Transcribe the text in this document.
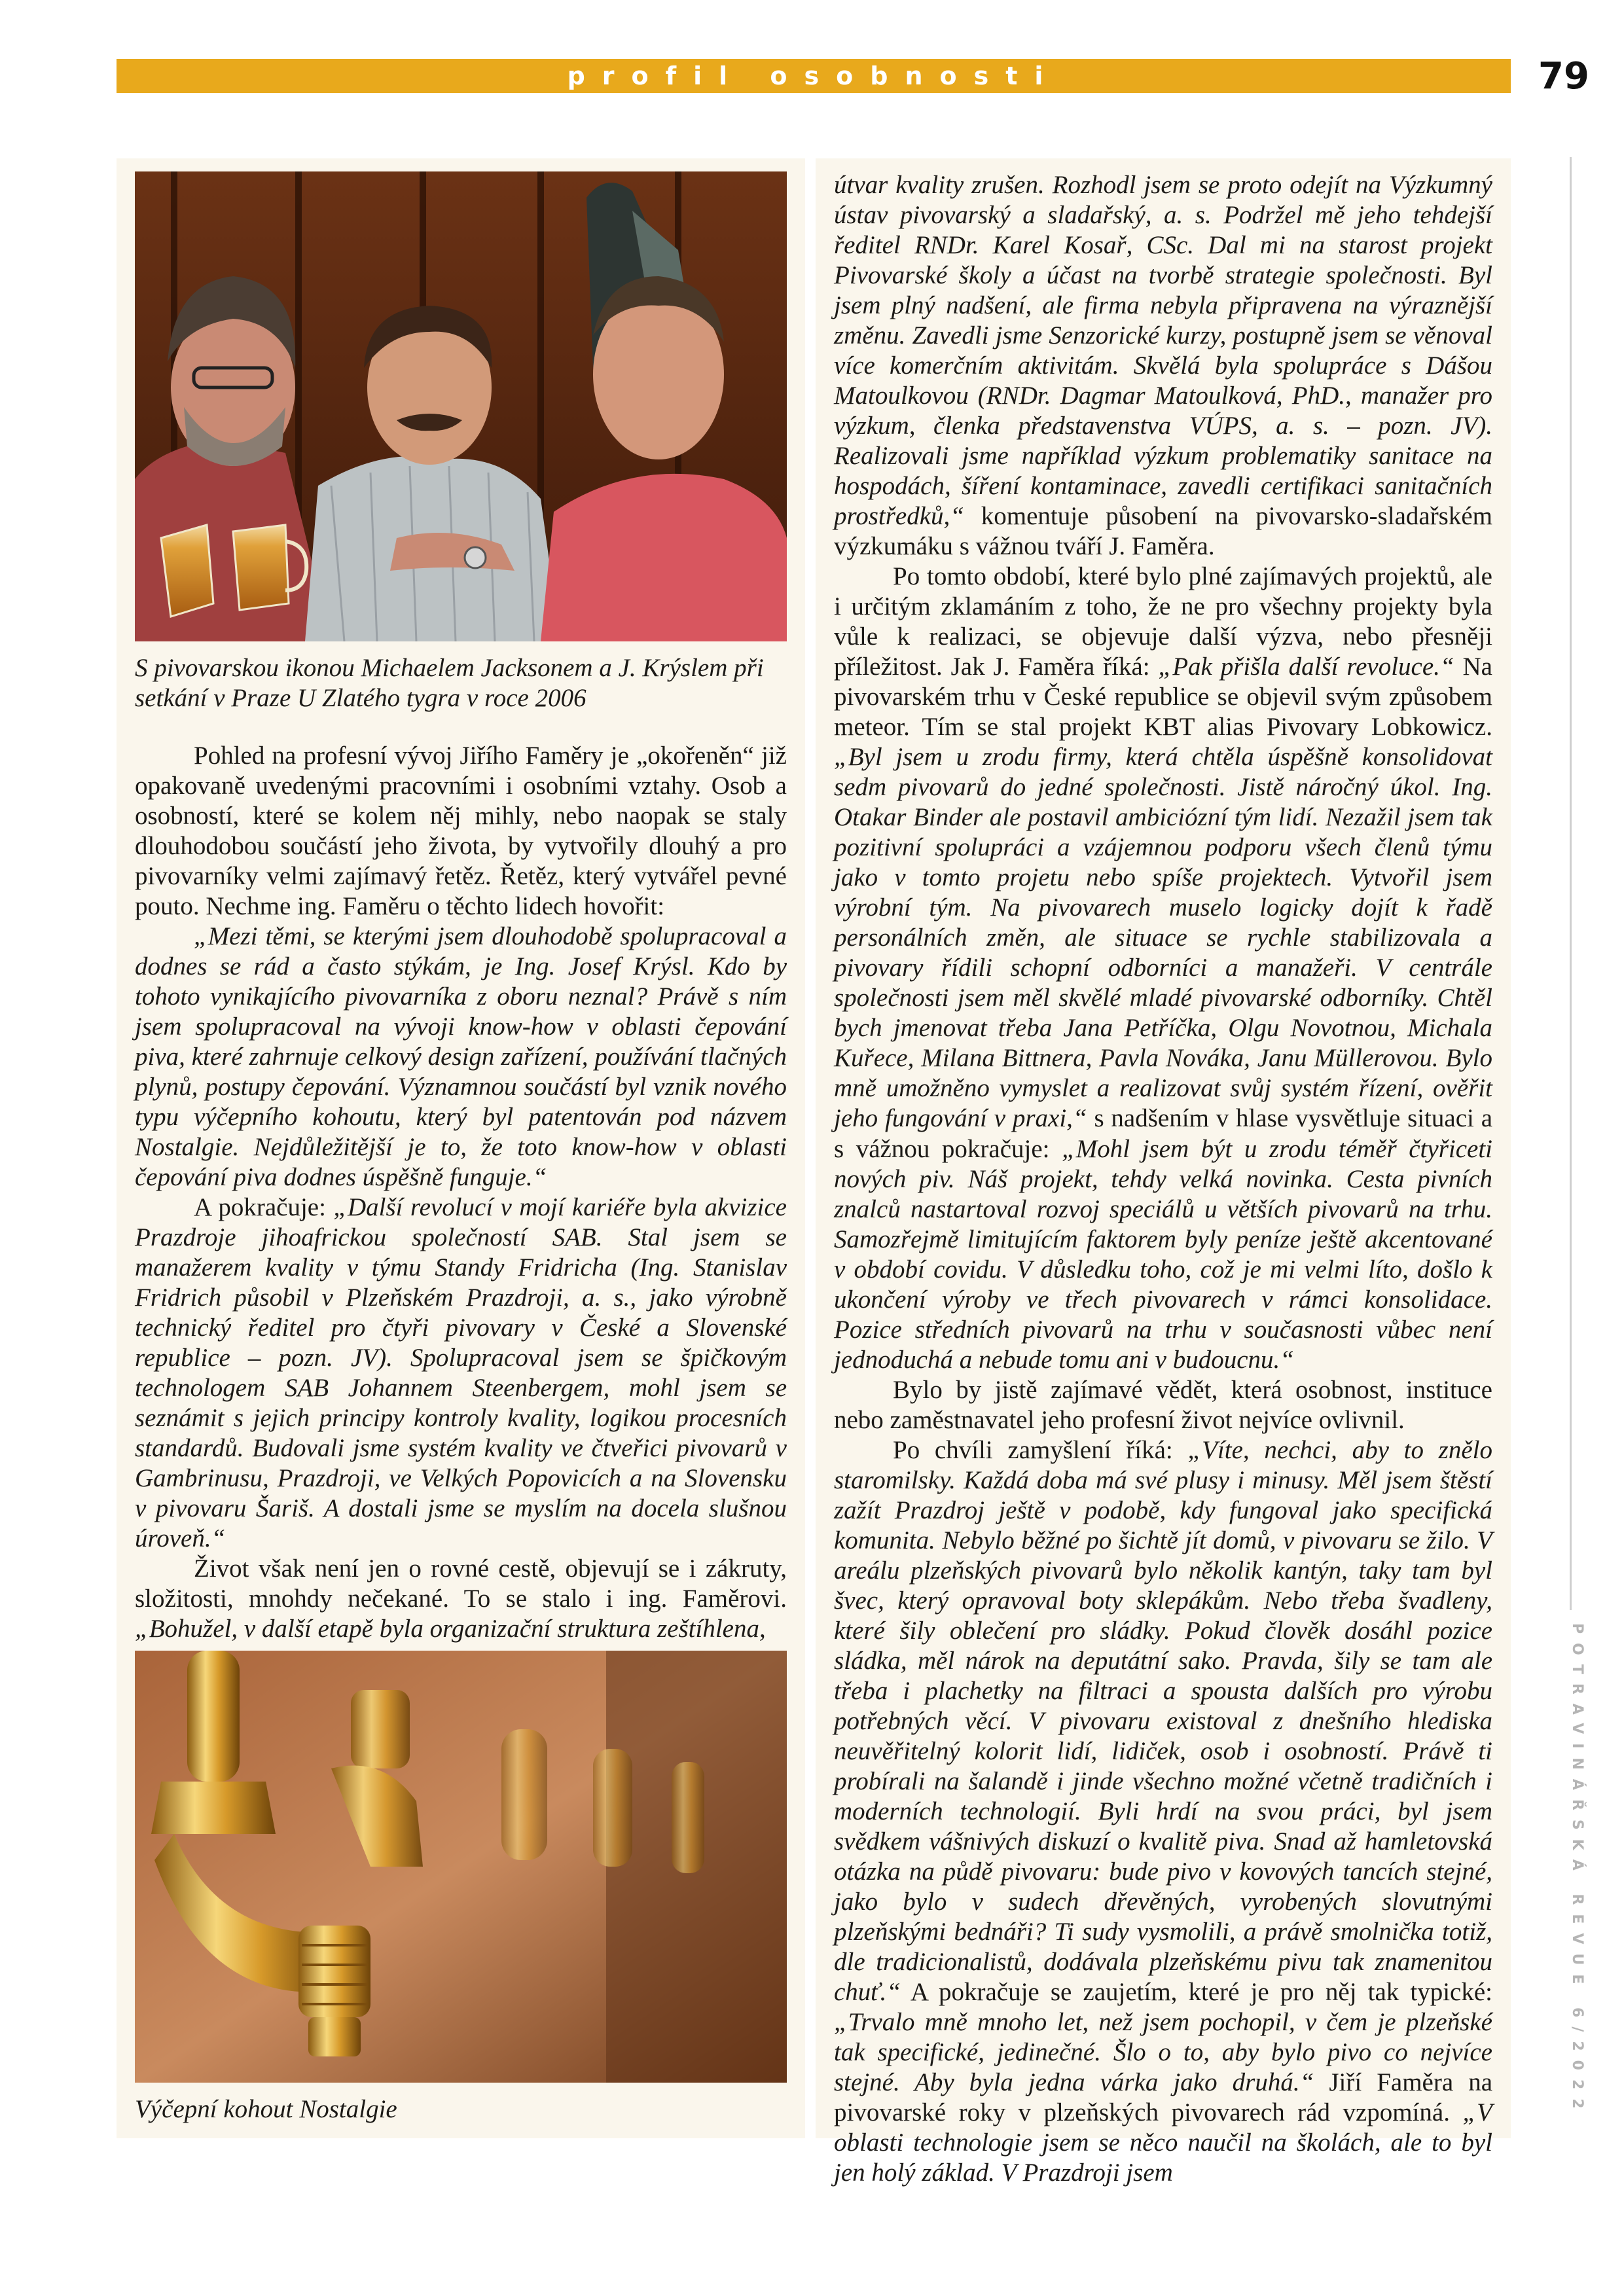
profil osobnosti	79
POTRAVINÁŘSKÁ REVUE 6/2022
S pivovarskou ikonou Michaelem Jacksonem a J. Krýslem při setkání v Praze U Zlatého tygra v roce 2006

Pohled na profesní vývoj Jiřího Faměry je „okořeněn“ již opakovaně uvedenými pracovními i osobními vztahy. Osob a osobností, které se kolem něj mihly, nebo naopak se staly dlouhodobou součástí jeho života, by vytvořily dlouhý a pro pivovarníky velmi zajímavý řetěz. Řetěz, který vytvářel pevné pouto. Nechme ing. Faměru o těchto lidech hovořit:

„Mezi těmi, se kterými jsem dlouhodobě spolupracoval a dodnes se rád a často stýkám, je Ing. Josef Krýsl. Kdo by tohoto vynikajícího pivovarníka z oboru neznal? Právě s ním jsem spolupracoval na vývoji know-how v oblasti čepování piva, které zahrnuje celkový design zařízení, používání tlačných plynů, postupy čepování. Významnou součástí byl vznik nového typu výčepního kohoutu, který byl patentován pod názvem Nostalgie. Nejdůležitější je to, že toto know-how v oblasti čepování piva dodnes úspěšně funguje.“

A pokračuje: „Další revolucí v mojí kariéře byla akvizice Prazdroje jihoafrickou společností SAB. Stal jsem se manažerem kvality v týmu Standy Fridricha (Ing. Stanislav Fridrich působil v Plzeňském Prazdroji, a. s., jako výrobně technický ředitel pro čtyři pivovary v České a Slovenské republice – pozn. JV). Spolupracoval jsem se špičkovým technologem SAB Johannem Steenbergem, mohl jsem se seznámit s jejich principy kontroly kvality, logikou procesních standardů. Budovali jsme systém kvality ve čtveřici pivovarů v Gambrinusu, Prazdroji, ve Velkých Popovicích a na Slovensku v pivovaru Šariš. A dostali jsme se myslím na docela slušnou úroveň.“

Život však není jen o rovné cestě, objevují se i zákruty, složitosti, mnohdy nečekané. To se stalo i ing. Faměrovi. „Bohužel, v další etapě byla organizační struktura zeštíhlena,

Výčepní kohout Nostalgie

útvar kvality zrušen. Rozhodl jsem se proto odejít na Výzkumný ústav pivovarský a sladařský, a. s. Podržel mě jeho tehdejší ředitel RNDr. Karel Kosař, CSc. Dal mi na starost projekt Pivovarské školy a účast na tvorbě strategie společnosti. Byl jsem plný nadšení, ale firma nebyla připravena na výraznější změnu. Zavedli jsme Senzorické kurzy, postupně jsem se věnoval více komerčním aktivitám. Skvělá byla spolupráce s Dášou Matoulkovou (RNDr. Dagmar Matoulková, PhD., manažer pro výzkum, členka představenstva VÚPS, a. s. – pozn. JV). Realizovali jsme například výzkum problematiky sanitace na hospodách, šíření kontaminace, zavedli certifikaci sanitačních prostředků,“ komentuje působení na pivovarsko-sladařském výzkumáku s vážnou tváří J. Faměra.

Po tomto období, které bylo plné zajímavých projektů, ale i určitým zklamáním z toho, že ne pro všechny projekty byla vůle k realizaci, se objevuje další výzva, nebo přesněji příležitost. Jak J. Faměra říká: „Pak přišla další revoluce.“ Na pivovarském trhu v České republice se objevil svým způsobem meteor. Tím se stal projekt KBT alias Pivovary Lobkowicz. „Byl jsem u zrodu firmy, která chtěla úspěšně konsolidovat sedm pivovarů do jedné společnosti. Jistě náročný úkol. Ing. Otakar Binder ale postavil ambiciózní tým lidí. Nezažil jsem tak pozitivní spolupráci a vzájemnou podporu všech členů týmu jako v tomto projetu nebo spíše projektech. Vytvořil jsem výrobní tým. Na pivovarech muselo logicky dojít k řadě personálních změn, ale situace se rychle stabilizovala a pivovary řídili schopní odborníci a manažeři. V centrále společnosti jsem měl skvělé mladé pivovarské odborníky. Chtěl bych jmenovat třeba Jana Petříčka, Olgu Novotnou, Michala Kuřece, Milana Bittnera, Pavla Nováka, Janu Müllerovou. Bylo mně umožněno vymyslet a realizovat svůj systém řízení, ověřit jeho fungování v praxi,“ s nadšením v hlase vysvětluje situaci a s vážnou pokračuje: „Mohl jsem být u zrodu téměř čtyřiceti nových piv. Náš projekt, tehdy velká novinka. Cesta pivních znalců nastartoval rozvoj speciálů u větších pivovarů na trhu. Samozřejmě limitujícím faktorem byly peníze ještě akcentované v období covidu. V důsledku toho, což je mi velmi líto, došlo k ukončení výroby ve třech pivovarech v rámci konsolidace. Pozice středních pivovarů na trhu v současnosti vůbec není jednoduchá a nebude tomu ani v budoucnu.“

Bylo by jistě zajímavé vědět, která osobnost, instituce nebo zaměstnavatel jeho profesní život nejvíce ovlivnil.

Po chvíli zamyšlení říká: „Víte, nechci, aby to znělo staromilsky. Každá doba má své plusy i minusy. Měl jsem štěstí zažít Prazdroj ještě v podobě, kdy fungoval jako specifická komunita. Nebylo běžné po šichtě jít domů, v pivovaru se žilo. V areálu plzeňských pivovarů bylo několik kantýn, taky tam byl švec, který opravoval boty sklepákům. Nebo třeba švadleny, které šily oblečení pro sládky. Pokud člověk dosáhl pozice sládka, měl nárok na deputátní sako. Pravda, šily se tam ale třeba i plachetky na filtraci a spousta dalších pro výrobu potřebných věcí. V pivovaru existoval z dnešního hlediska neuvěřitelný kolorit lidí, lidiček, osob i osobností. Právě ti probírali na šalandě i jinde všechno možné včetně tradičních i moderních technologií. Byli hrdí na svou práci, byl jsem svědkem vášnivých diskuzí o kvalitě piva. Snad až hamletovská otázka na půdě pivovaru: bude pivo v kovových tancích stejné, jako bylo v sudech dřevěných, vyrobených slovutnými plzeňskými bednáři? Ti sudy vysmolili, a právě smolnička totiž, dle tradicionalistů, dodávala plzeňskému pivu tak znamenitou chuť.“ A pokračuje se zaujetím, které je pro něj tak typické: „Trvalo mně mnoho let, než jsem pochopil, v čem je plzeňské tak specifické, jedinečné. Šlo o to, aby bylo pivo co nejvíce stejné. Aby byla jedna várka jako druhá.“ Jiří Faměra na pivovarské roky v plzeňských pivovarech rád vzpomíná. „V oblasti technologie jsem se něco naučil na školách, ale to byl jen holý základ. V Prazdroji jsem
